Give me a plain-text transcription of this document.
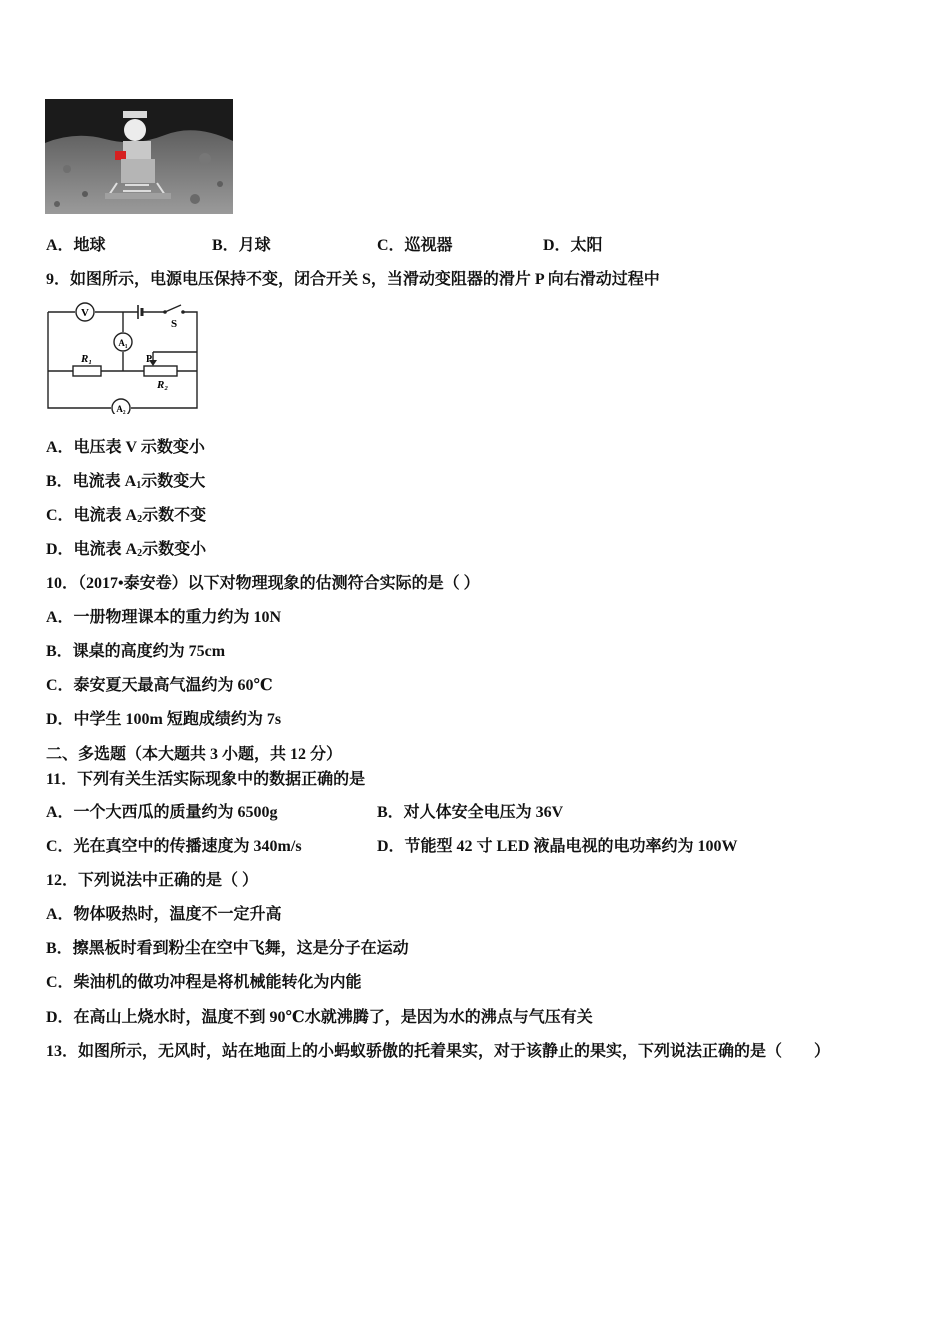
A．地球	B．月球	C．巡视器	D．太阳
9．如图所示，电源电压保持不变，闭合开关 S，当滑动变阻器的滑片 P 向右滑动过程中
V
A₁
A₂
S
R₁
R₂
P
A．电压表 V 示数变小
B．电流表 $A_1$示数变大
C．电流表 $A_2$示数不变
D．电流表 $A_2$示数变小
10．（2017•泰安卷）以下对物理现象的估测符合实际的是（ ）
A．一册物理课本的重力约为 10N
B．课桌的高度约为 75cm
C．泰安夏天最高气温约为 60℃
D．中学生 100m 短跑成绩约为 7s
二、多选题（本大题共 3 小题，共 12 分）
11．下列有关生活实际现象中的数据正确的是
A．一个大西瓜的质量约为 6500g	B．对人体安全电压为 36V
C．光在真空中的传播速度为 340m/s	D．节能型 42 寸 LED 液晶电视的电功率约为 100W
12．下列说法中正确的是（ ）
A．物体吸热时，温度不一定升高
B．擦黑板时看到粉尘在空中飞舞，这是分子在运动
C．柴油机的做功冲程是将机械能转化为内能
D．在高山上烧水时，温度不到 90℃水就沸腾了，是因为水的沸点与气压有关
13．如图所示，无风时，站在地面上的小蚂蚁骄傲的托着果实，对于该静止的果实，下列说法正确的是（　　）
